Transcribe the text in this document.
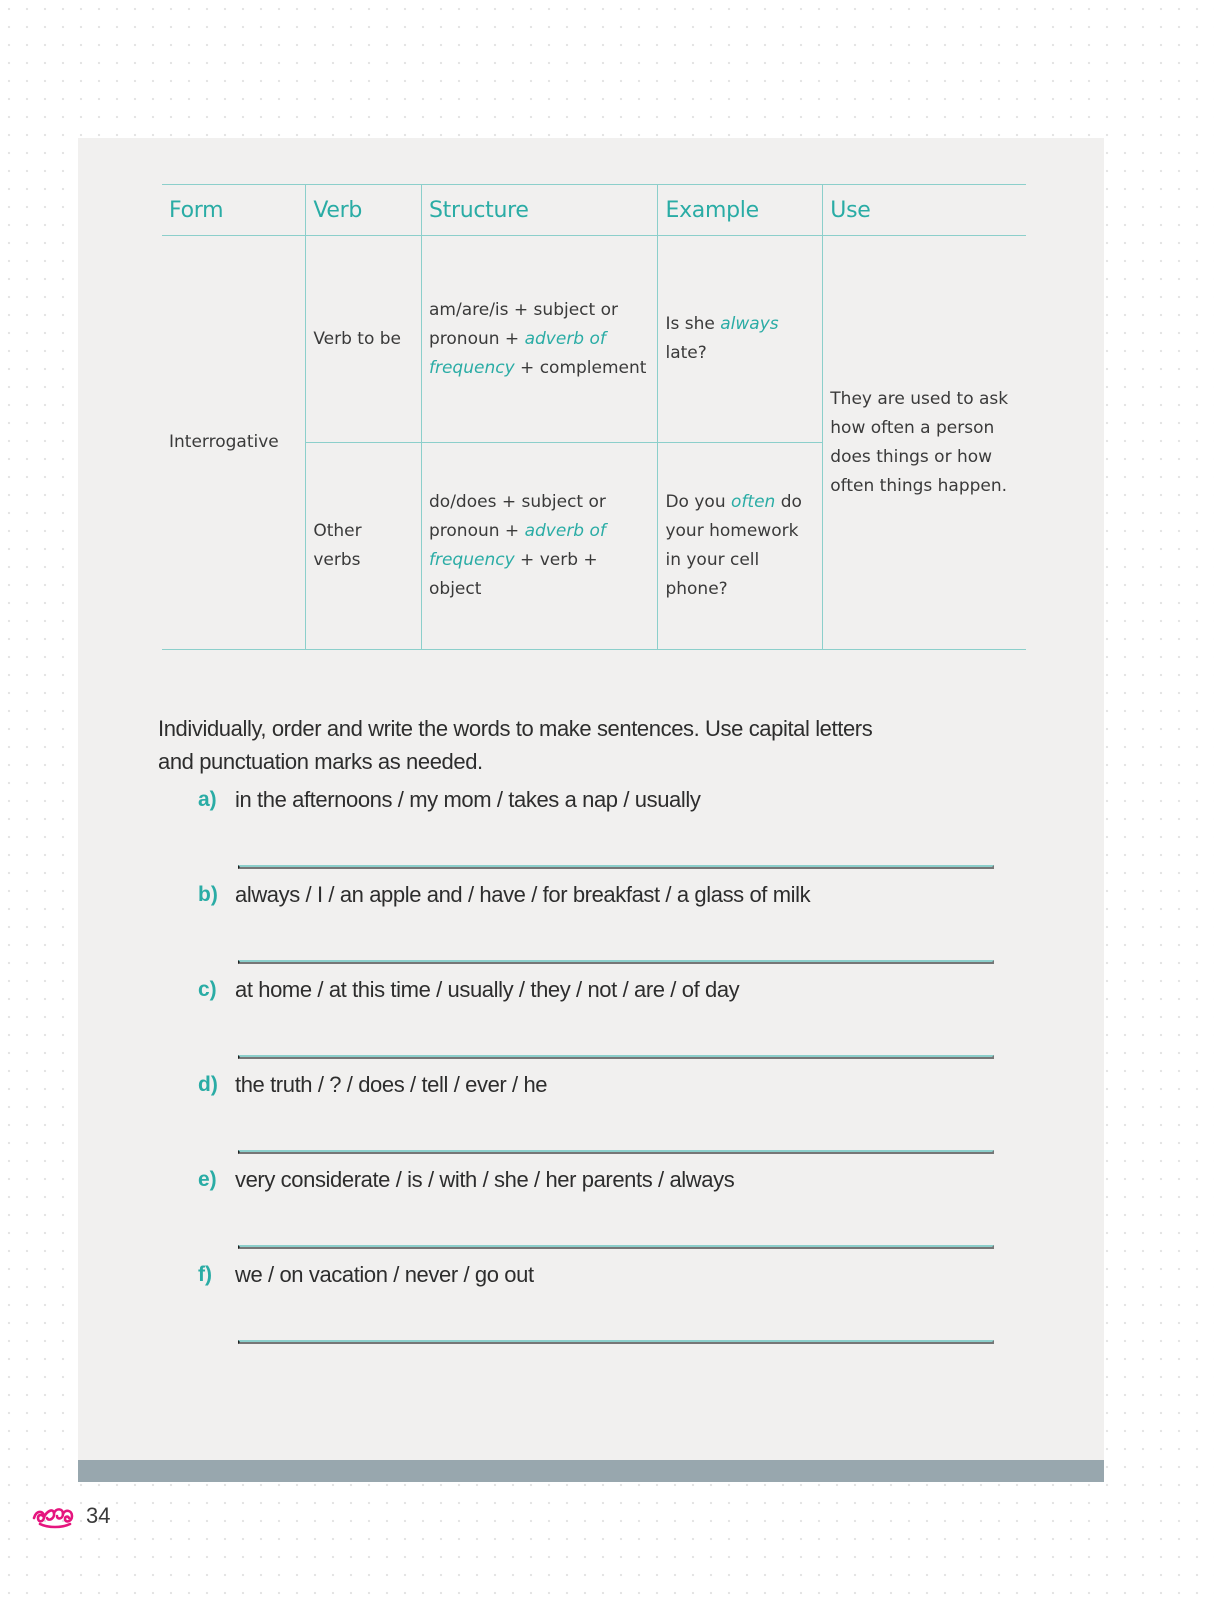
Form	Verb	Structure	Example	Use
Interrogative	Verb to be	am/are/is + subject or pronoun + adverb of frequency + complement	Is she always late?	They are used to ask how often a person does things or how often things happen.
	Other verbs	do/does + subject or pronoun + adverb of frequency + verb + object	Do you often do your homework in your cell phone?	

Individually, order and write the words to make sentences. Use capital letters and punctuation marks as needed.

a) in the afternoons / my mom / takes a nap / usually
b) always / I / an apple and / have / for breakfast / a glass of milk
c) at home / at this time / usually / they / not / are / of day
d) the truth / ? / does / tell / ever / he
e) very considerate / is / with / she / her parents / always
f) we / on vacation / never / go out
34
